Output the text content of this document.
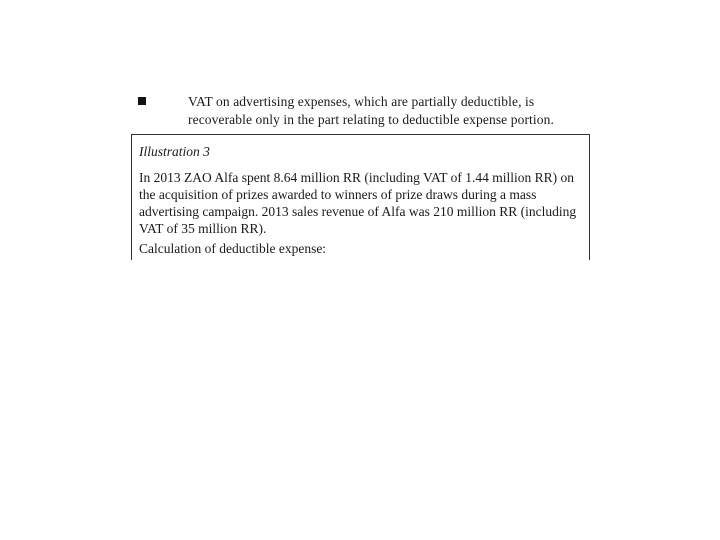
VAT on advertising expenses, which are partially deductible, is recoverable only in the part relating to deductible expense portion.
Illustration 3
In 2013 ZAO Alfa spent 8.64 million RR (including VAT of 1.44 million RR) on the acquisition of prizes awarded to winners of prize draws during a mass advertising campaign. 2013 sales revenue of Alfa was 210 million RR (including VAT of 35 million RR).
Calculation of deductible expense:
